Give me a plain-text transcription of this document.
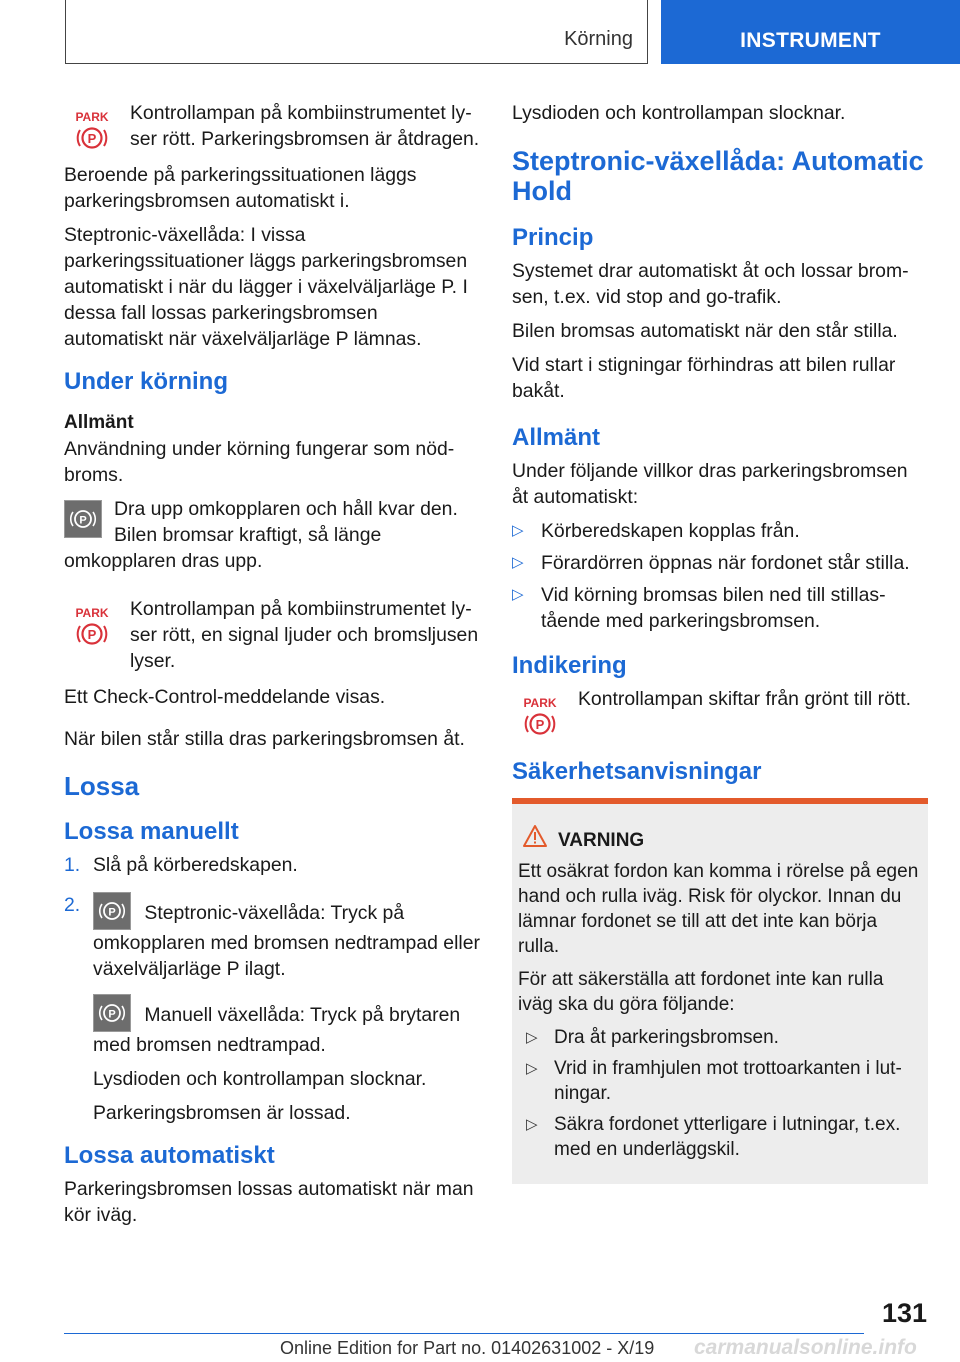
Körning	INSTRUMENT
PARK
P

Kontrollampan på kombiinstrumentet lyser rött. Parkeringsbromsen är åtdragen.

Beroende på parkeringssituationen läggs parkeringsbromsen automatiskt i.

Steptronic-växellåda: I vissa parkeringssituationer läggs parkeringsbromsen automatiskt i när du lägger i växelväljarläge P. I dessa fall lossas parkeringsbromsen automatiskt när växelväljarläge P lämnas.

Under körning
Allmänt

Användning under körning fungerar som nödbroms.

P
Dra upp omkopplaren och håll kvar den. Bilen bromsar kraftigt, så länge omkopplaren dras upp.

PARK
P

Kontrollampan på kombiinstrumentet lyser rött, en signal ljuder och bromsljusen lyser.

Ett Check-Control-meddelande visas.

När bilen står stilla dras parkeringsbromsen åt.

Lossa
Lossa manuellt
1. Slå på körberedskapen.
2.	P Steptronic-växellåda: Tryck på omkopplaren med bromsen nedtrampad eller växelväljarläge P ilagt.

P Manuell växellåda: Tryck på brytaren med bromsen nedtrampad.

Lysdioden och kontrollampan slocknar.

Parkeringsbromsen är lossad.

Lossa automatiskt

Parkeringsbromsen lossas automatiskt när man kör iväg.

Lysdioden och kontrollampan slocknar.

Steptronic-växellåda: Automatic Hold
Princip

Systemet drar automatiskt åt och lossar bromsen, t.ex. vid stop and go-trafik.

Bilen bromsas automatiskt när den står stilla.

Vid start i stigningar förhindras att bilen rullar bakåt.

Allmänt

Under följande villkor dras parkeringsbromsen åt automatiskt:

▷ Körberedskapen kopplas från.
▷ Förardörren öppnas när fordonet står stilla.
▷ Vid körning bromsas bilen ned till stillastående med parkeringsbromsen.
Indikering
PARK
P

Kontrollampan skiftar från grönt till rött.

Säkerhetsanvisningar
VARNING

Ett osäkrat fordon kan komma i rörelse på egen hand och rulla iväg. Risk för olyckor. Innan du lämnar fordonet se till att det inte kan börja rulla.

För att säkerställa att fordonet inte kan rulla iväg ska du göra följande:

▷ Dra åt parkeringsbromsen.
▷ Vrid in framhjulen mot trottoarkanten i lutningar.
▷ Säkra fordonet ytterligare i lutningar, t.ex. med en underläggskil.
131
Online Edition for Part no. 01402631002 - X/19 carmanualsonline.info
